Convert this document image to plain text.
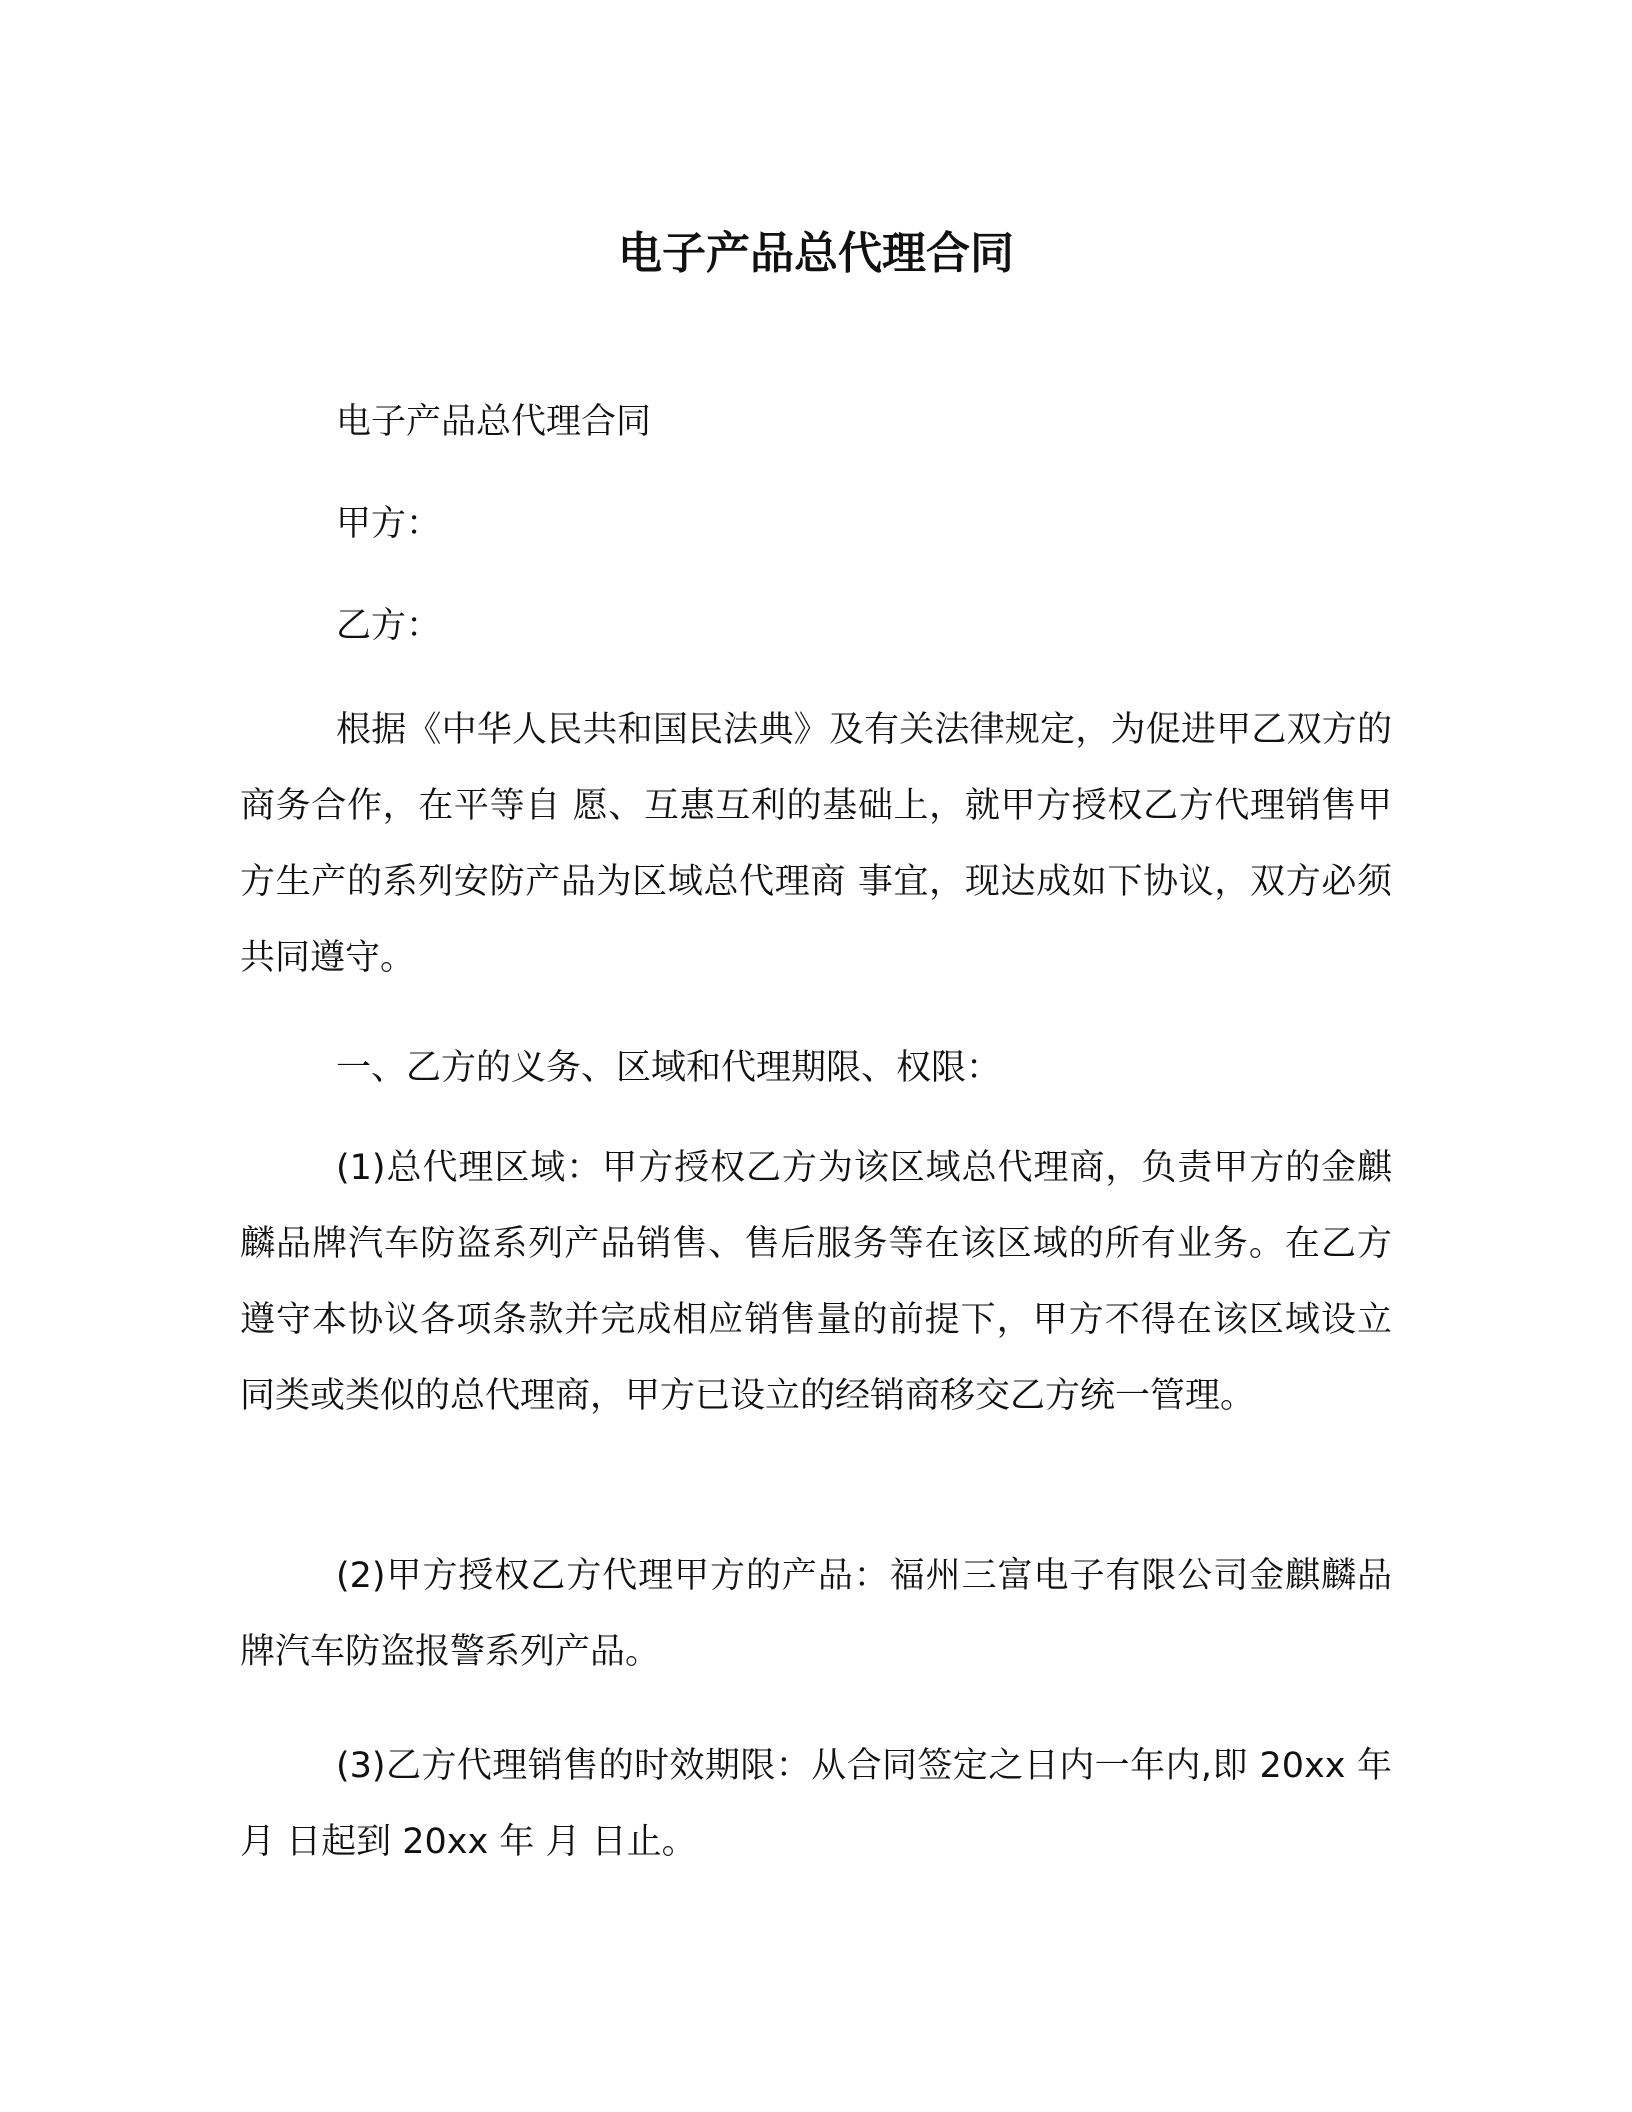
电子产品总代理合同

电子产品总代理合同

甲方：

乙方：

根据《中华人民共和国民法典》及有关法律规定，为促进甲乙双方的商务合作，在平等自 愿、互惠互利的基础上，就甲方授权乙方代理销售甲方生产的系列安防产品为区域总代理商 事宜，现达成如下协议，双方必须共同遵守。

一、乙方的义务、区域和代理期限、权限：

(1)总代理区域：甲方授权乙方为该区域总代理商，负责甲方的金麒麟品牌汽车防盗系列产品销售、售后服务等在该区域的所有业务。在乙方遵守本协议各项条款并完成相应销售量的前提下，甲方不得在该区域设立同类或类似的总代理商，甲方已设立的经销商移交乙方统一管理。

(2)甲方授权乙方代理甲方的产品：福州三富电子有限公司金麒麟品牌汽车防盗报警系列产品。

(3)乙方代理销售的时效期限：从合同签定之日内一年内,即 20xx 年 月 日起到 20xx 年 月 日止。
